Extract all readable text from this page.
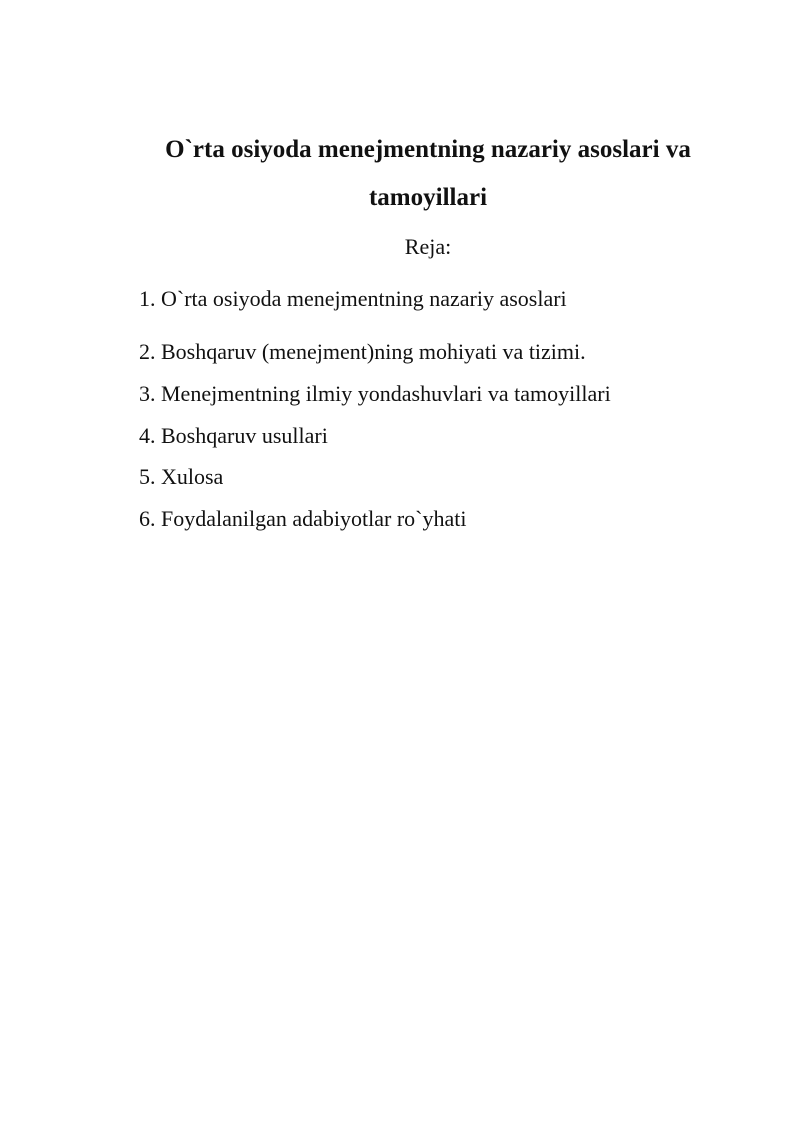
O`rta osiyoda menejmentning nazariy asoslari va tamoyillari

Reja:

1. O`rta osiyoda menejmentning nazariy asoslari
2. Boshqaruv (menejment)ning mohiyati va tizimi.
3. Menejmentning ilmiy yondashuvlari va tamoyillari
4. Boshqaruv usullari
5. Xulosa
6. Foydalanilgan adabiyotlar ro`yhati
